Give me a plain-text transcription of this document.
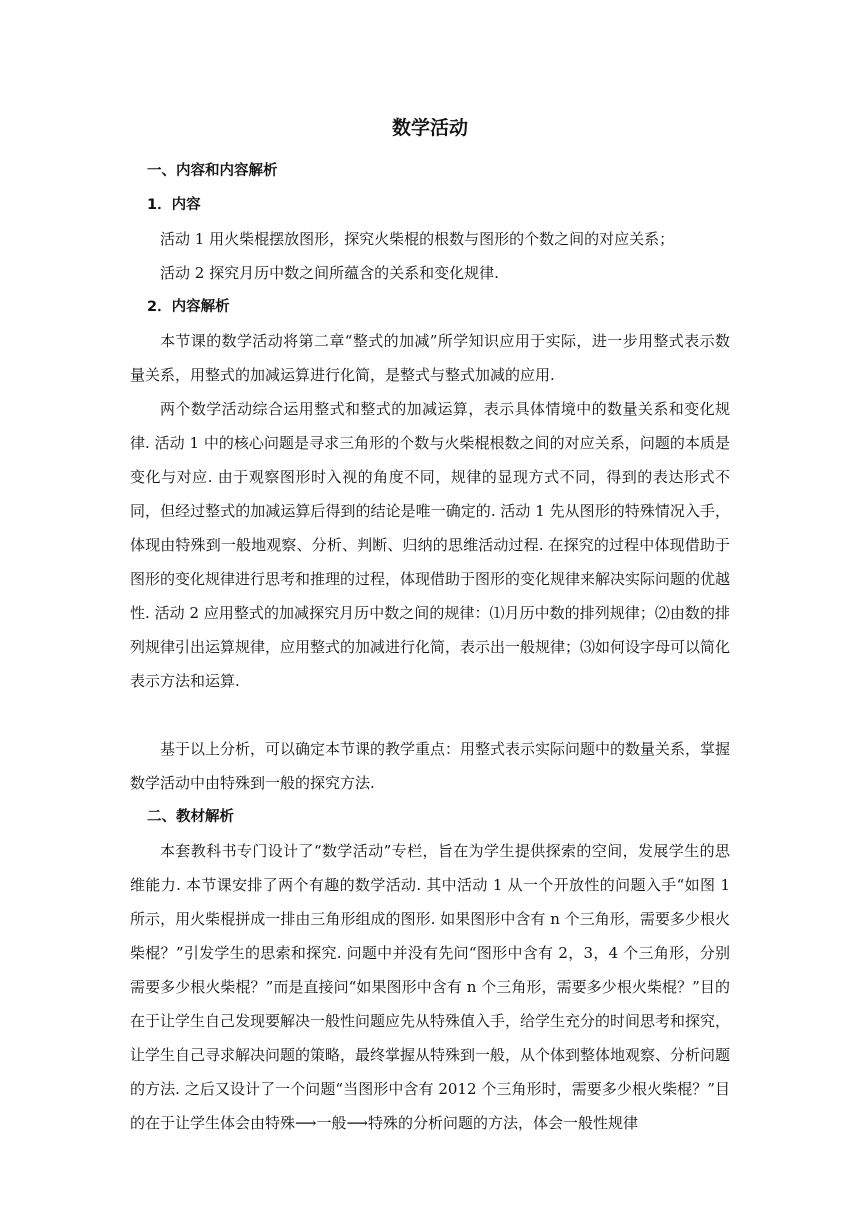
数学活动
一、内容和内容解析
1．内容
活动 1 用火柴棍摆放图形，探究火柴棍的根数与图形的个数之间的对应关系；
活动 2 探究月历中数之间所蕴含的关系和变化规律.
2．内容解析

本节课的数学活动将第二章“整式的加减”所学知识应用于实际，进一步用整式表示数量关系，用整式的加减运算进行化简，是整式与整式加减的应用.

两个数学活动综合运用整式和整式的加减运算，表示具体情境中的数量关系和变化规律. 活动 1 中的核心问题是寻求三角形的个数与火柴棍根数之间的对应关系，问题的本质是变化与对应. 由于观察图形时入视的角度不同，规律的显现方式不同，得到的表达形式不同，但经过整式的加减运算后得到的结论是唯一确定的. 活动 1 先从图形的特殊情况入手，体现由特殊到一般地观察、分析、判断、归纳的思维活动过程. 在探究的过程中体现借助于图形的变化规律进行思考和推理的过程，体现借助于图形的变化规律来解决实际问题的优越性. 活动 2 应用整式的加减探究月历中数之间的规律：⑴月历中数的排列规律；⑵由数的排列规律引出运算规律，应用整式的加减进行化简，表示出一般规律；⑶如何设字母可以简化表示方法和运算.

基于以上分析，可以确定本节课的教学重点：用整式表示实际问题中的数量关系，掌握数学活动中由特殊到一般的探究方法.

二、教材解析

本套教科书专门设计了“数学活动”专栏，旨在为学生提供探索的空间，发展学生的思维能力. 本节课安排了两个有趣的数学活动. 其中活动 1 从一个开放性的问题入手“如图 1 所示，用火柴棍拼成一排由三角形组成的图形. 如果图形中含有 n 个三角形，需要多少根火柴棍？”引发学生的思索和探究. 问题中并没有先问“图形中含有 2，3，4 个三角形，分别需要多少根火柴棍？”而是直接问“如果图形中含有 n 个三角形，需要多少根火柴棍？”目的在于让学生自己发现要解决一般性问题应先从特殊值入手，给学生充分的时间思考和探究，让学生自己寻求解决问题的策略，最终掌握从特殊到一般，从个体到整体地观察、分析问题的方法. 之后又设计了一个问题“当图形中含有 2012 个三角形时，需要多少根火柴棍？”目的在于让学生体会由特殊⟶一般⟶特殊的分析问题的方法，体会一般性规律
